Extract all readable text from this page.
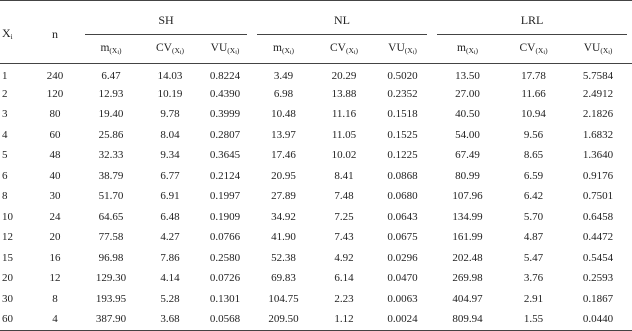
$X_i$	n	SH			NL			LRL		
		$m_{(X_i)}$	$CV_{(X_i)}$	$VU_{(X_i)}$	$m_{(X_i)}$	$CV_{(X_i)}$	$VU_{(X_i)}$	$m_{(X_i)}$	$CV_{(X_i)}$	$VU_{(X_i)}$
1	240	6.47	14.03	0.8224	3.49	20.29	0.5020	13.50	17.78	5.7584
2	120	12.93	10.19	0.4390	6.98	13.88	0.2352	27.00	11.66	2.4912
3	80	19.40	9.78	0.3999	10.48	11.16	0.1518	40.50	10.94	2.1826
4	60	25.86	8.04	0.2807	13.97	11.05	0.1525	54.00	9.56	1.6832
5	48	32.33	9.34	0.3645	17.46	10.02	0.1225	67.49	8.65	1.3640
6	40	38.79	6.77	0.2124	20.95	8.41	0.0868	80.99	6.59	0.9176
8	30	51.70	6.91	0.1997	27.89	7.48	0.0680	107.96	6.42	0.7501
10	24	64.65	6.48	0.1909	34.92	7.25	0.0643	134.99	5.70	0.6458
12	20	77.58	4.27	0.0766	41.90	7.43	0.0675	161.99	4.87	0.4472
15	16	96.98	7.86	0.2580	52.38	4.92	0.0296	202.48	5.47	0.5454
20	12	129.30	4.14	0.0726	69.83	6.14	0.0470	269.98	3.76	0.2593
30	8	193.95	5.28	0.1301	104.75	2.23	0.0063	404.97	2.91	0.1867
60	4	387.90	3.68	0.0568	209.50	1.12	0.0024	809.94	1.55	0.0440
